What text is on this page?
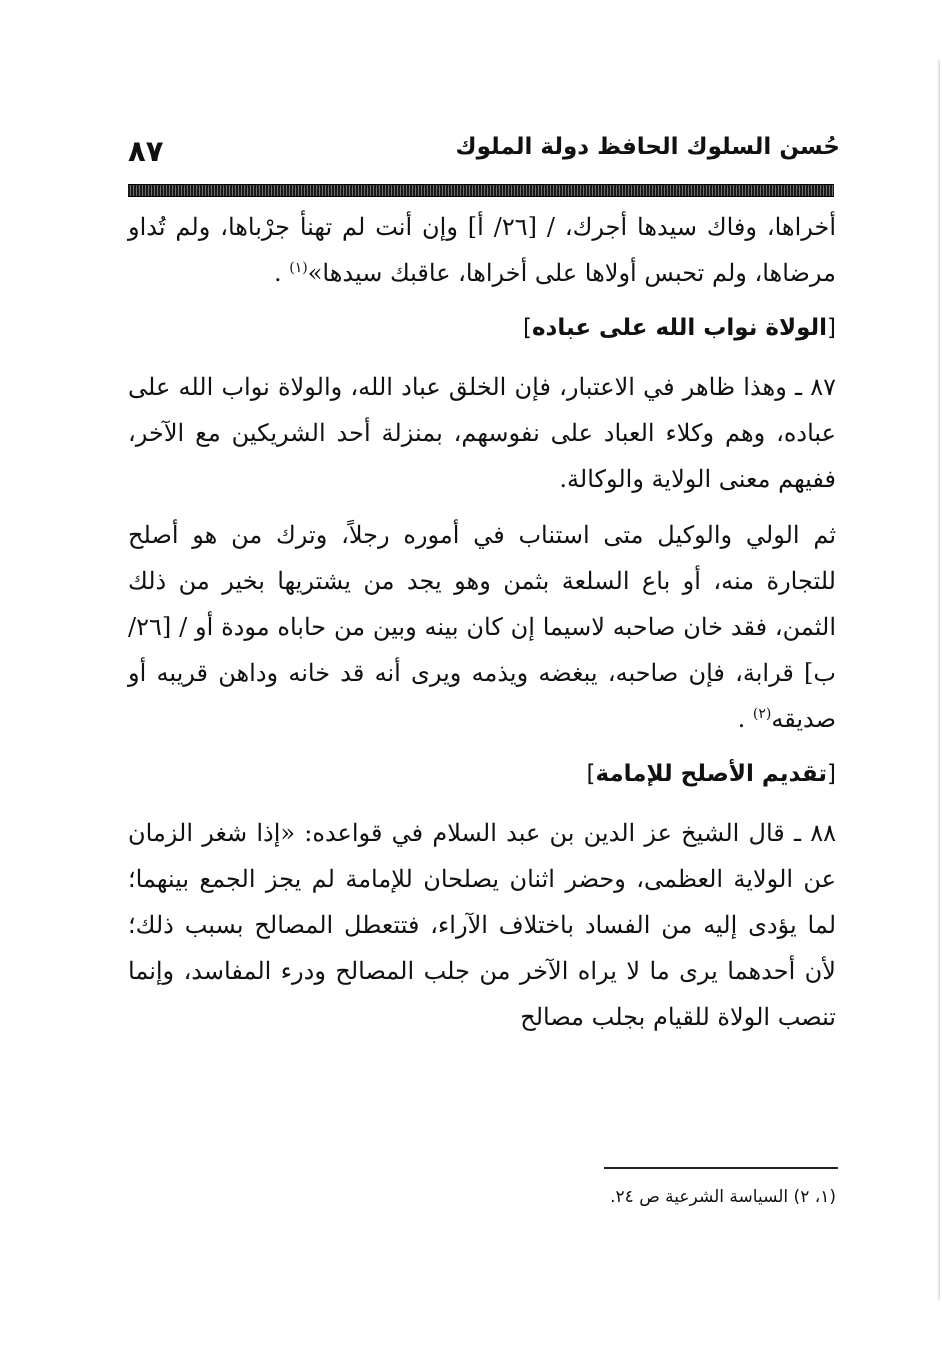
٨٧	حُسن السلوك الحافظ دولة الملوك

أخراها، وفاك سيدها أجرك، / [٢٦/ أ] وإن أنت لم تهنأ جرْباها، ولم تُداو مرضاها، ولم تحبس أولاها على أخراها، عاقبك سيدها»$^{(١)}$ .

[الولاة نواب الله على عباده]

٨٧ ـ وهذا ظاهر في الاعتبار، فإن الخلق عباد الله، والولاة نواب الله على عباده، وهم وكلاء العباد على نفوسهم، بمنزلة أحد الشريكين مع الآخر، ففيهم معنى الولاية والوكالة.

ثم الولي والوكيل متى استناب في أموره رجلاً، وترك من هو أصلح للتجارة منه، أو باع السلعة بثمن وهو يجد من يشتريها بخير من ذلك الثمن، فقد خان صاحبه لاسيما إن كان بينه وبين من حاباه مودة أو / [٢٦/ ب] قرابة، فإن صاحبه، يبغضه ويذمه ويرى أنه قد خانه وداهن قريبه أو صديقه$^{(٢)}$ .

[تقديم الأصلح للإمامة]

٨٨ ـ قال الشيخ عز الدين بن عبد السلام في قواعده: «إذا شغر الزمان عن الولاية العظمى، وحضر اثنان يصلحان للإمامة لم يجز الجمع بينهما؛ لما يؤدى إليه من الفساد باختلاف الآراء، فتتعطل المصالح بسبب ذلك؛ لأن أحدهما يرى ما لا يراه الآخر من جلب المصالح ودرء المفاسد، وإنما تنصب الولاة للقيام بجلب مصالح

(١، ٢) السياسة الشرعية ص ٢٤.
